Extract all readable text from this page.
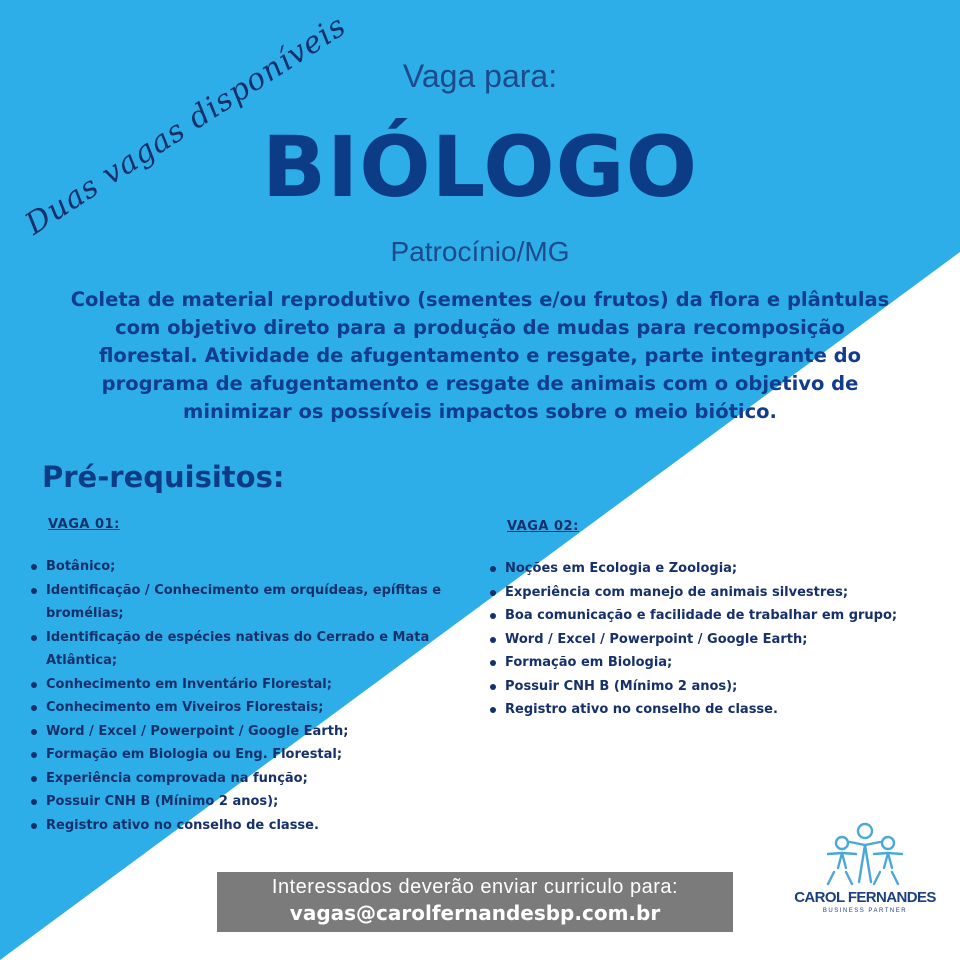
Duas vagas disponíveis	Vaga para:
BIÓLOGO
Patrocínio/MG
Coleta de material reprodutivo (sementes e/ou frutos) da flora e plântulas com objetivo direto para a produção de mudas para recomposição florestal. Atividade de afugentamento e resgate, parte integrante do programa de afugentamento e resgate de animais com o objetivo de minimizar os possíveis impactos sobre o meio biótico.
Pré-requisitos:
VAGA 01:
Botânico;
Identificação / Conhecimento em orquídeas, epífitas e bromélias;
Identificação de espécies nativas do Cerrado e Mata Atlântica;
Conhecimento em Inventário Florestal;
Conhecimento em Viveiros Florestais;
Word / Excel / Powerpoint / Google Earth;
Formação em Biologia ou Eng. Florestal;
Experiência comprovada na função;
Possuir CNH B (Mínimo 2 anos);
Registro ativo no conselho de classe.
VAGA 02:
Noções em Ecologia e Zoologia;
Experiência com manejo de animais silvestres;
Boa comunicação e facilidade de trabalhar em grupo;
Word / Excel / Powerpoint / Google Earth;
Formação em Biologia;
Possuir CNH B (Mínimo 2 anos);
Registro ativo no conselho de classe.
Interessados deverão enviar curriculo para:
vagas@carolfernandesbp.com.br
CAROL FERNANDES
BUSINESS PARTNER
